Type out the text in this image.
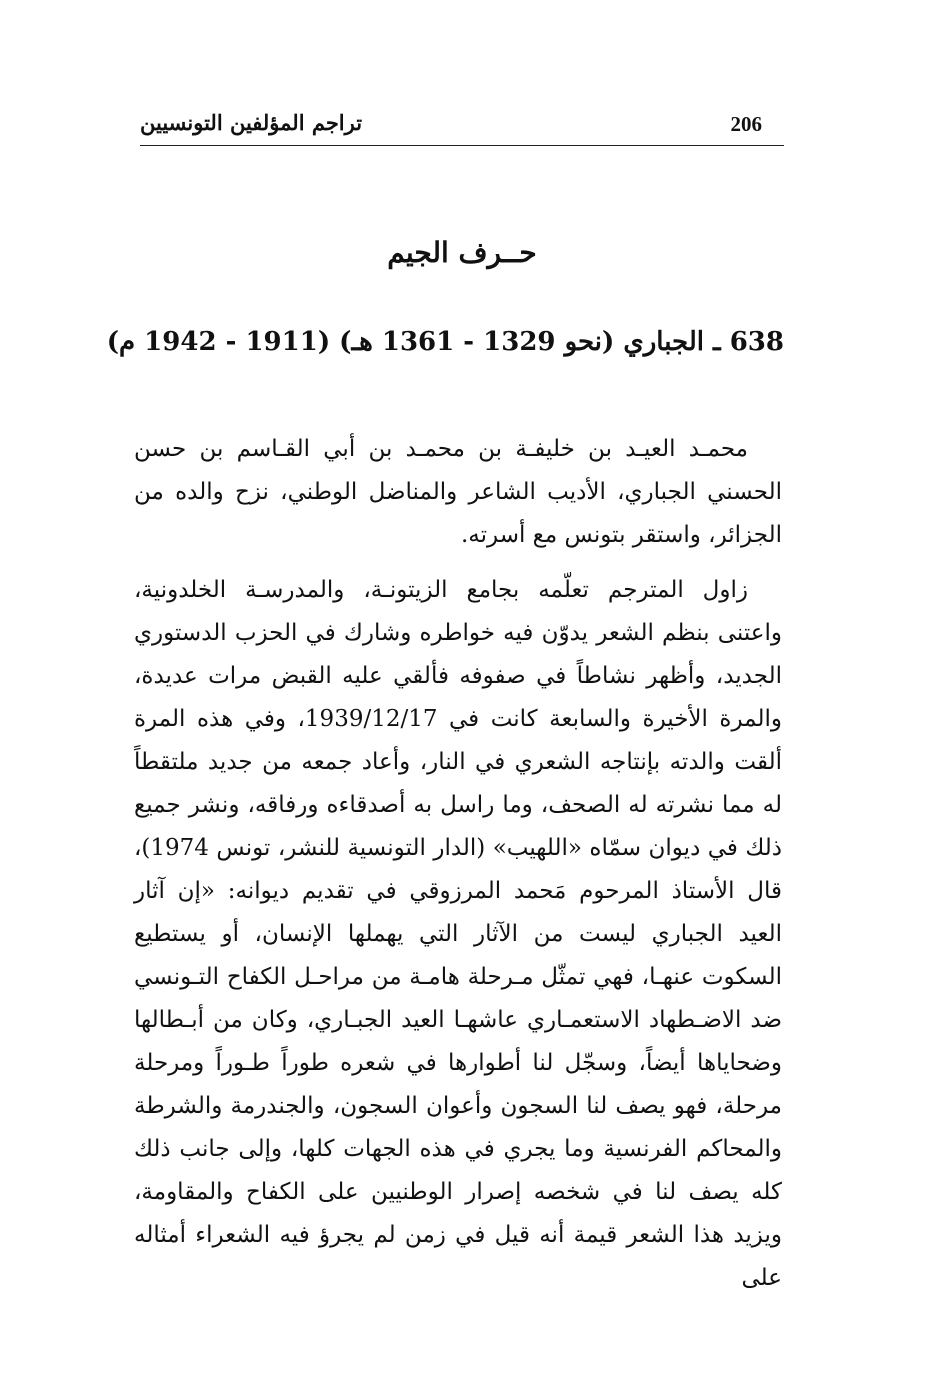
206
تراجم المؤلفين التونسيين
حــرف الجيم
638 ـ الجباري (نحو 1329 - 1361 هـ) (1911 - 1942 م)

محمـد العيـد بن خليفـة بن محمـد بن أبي القـاسم بن حسن الحسني الجباري، الأديب الشاعر والمناضل الوطني، نزح والده من الجزائر، واستقر بتونس مع أسرته.

زاول المترجم تعلّمه بجامع الزيتونـة، والمدرسـة الخلدونية، واعتنى بنظم الشعر يدوّن فيه خواطره وشارك في الحزب الدستوري الجديد، وأظهر نشاطاً في صفوفه فألقي عليه القبض مرات عديدة، والمرة الأخيرة والسابعة كانت في 1939/12/17، وفي هذه المرة ألقت والدته بإنتاجه الشعري في النار، وأعاد جمعه من جديد ملتقطاً له مما نشرته له الصحف، وما راسل به أصدقاءه ورفاقه، ونشر جميع ذلك في ديوان سمّاه «اللهيب» (الدار التونسية للنشر، تونس 1974)، قال الأستاذ المرحوم مَحمد المرزوقي في تقديم ديوانه: «إن آثار العيد الجباري ليست من الآثار التي يهملها الإنسان، أو يستطيع السكوت عنهـا، فهي تمثّل مـرحلة هامـة من مراحـل الكفاح التـونسي ضد الاضـطهاد الاستعمـاري عاشهـا العيد الجبـاري، وكان من أبـطالها وضحاياها أيضاً، وسجّل لنا أطوارها في شعره طوراً طـوراً ومرحلة مرحلة، فهو يصف لنا السجون وأعوان السجون، والجندرمة والشرطة والمحاكم الفرنسية وما يجري في هذه الجهات كلها، وإلى جانب ذلك كله يصف لنا في شخصه إصرار الوطنيين على الكفاح والمقاومة، ويزيد هذا الشعر قيمة أنه قيل في زمن لم يجرؤ فيه الشعراء أمثاله على
